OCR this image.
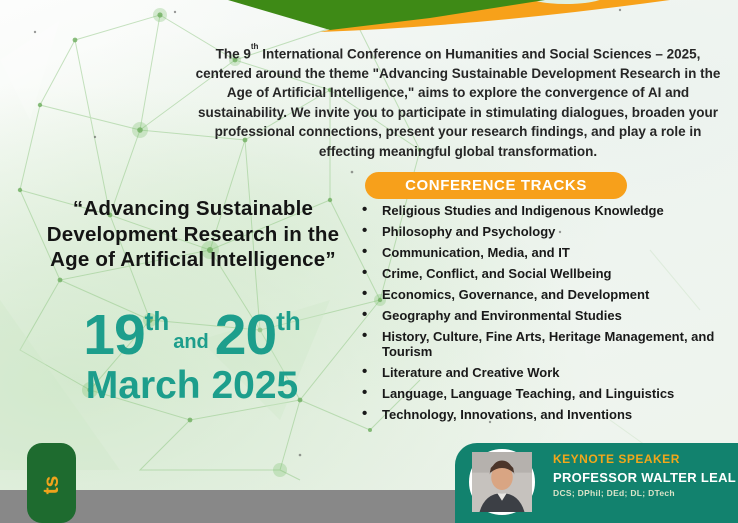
The 9th International Conference on Humanities and Social Sciences – 2025, centered around the theme "Advancing Sustainable Development Research in the Age of Artificial Intelligence," aims to explore the convergence of AI and sustainability. We invite you to participate in stimulating dialogues, broaden your professional connections, present your research findings, and play a role in effecting meaningful global transformation.

“Advancing Sustainable Development Research in the Age of Artificial Intelligence”
19 th
and 20 th
March 2025
CONFERENCE TRACKS
• Religious Studies and Indigenous Knowledge
• Philosophy and Psychology
• Communication, Media, and IT
• Crime, Conflict, and Social Wellbeing
• Economics, Governance, and Development
• Geography and Environmental Studies
• History, Culture, Fine Arts, Heritage Management, and Tourism
• Literature and Creative Work
• Language, Language Teaching, and Linguistics
• Technology, Innovations, and Inventions
ts
KEYNOTE SPEAKER
PROFESSOR WALTER LEAL
DCS; DPhil; DEd; DL; DTech
